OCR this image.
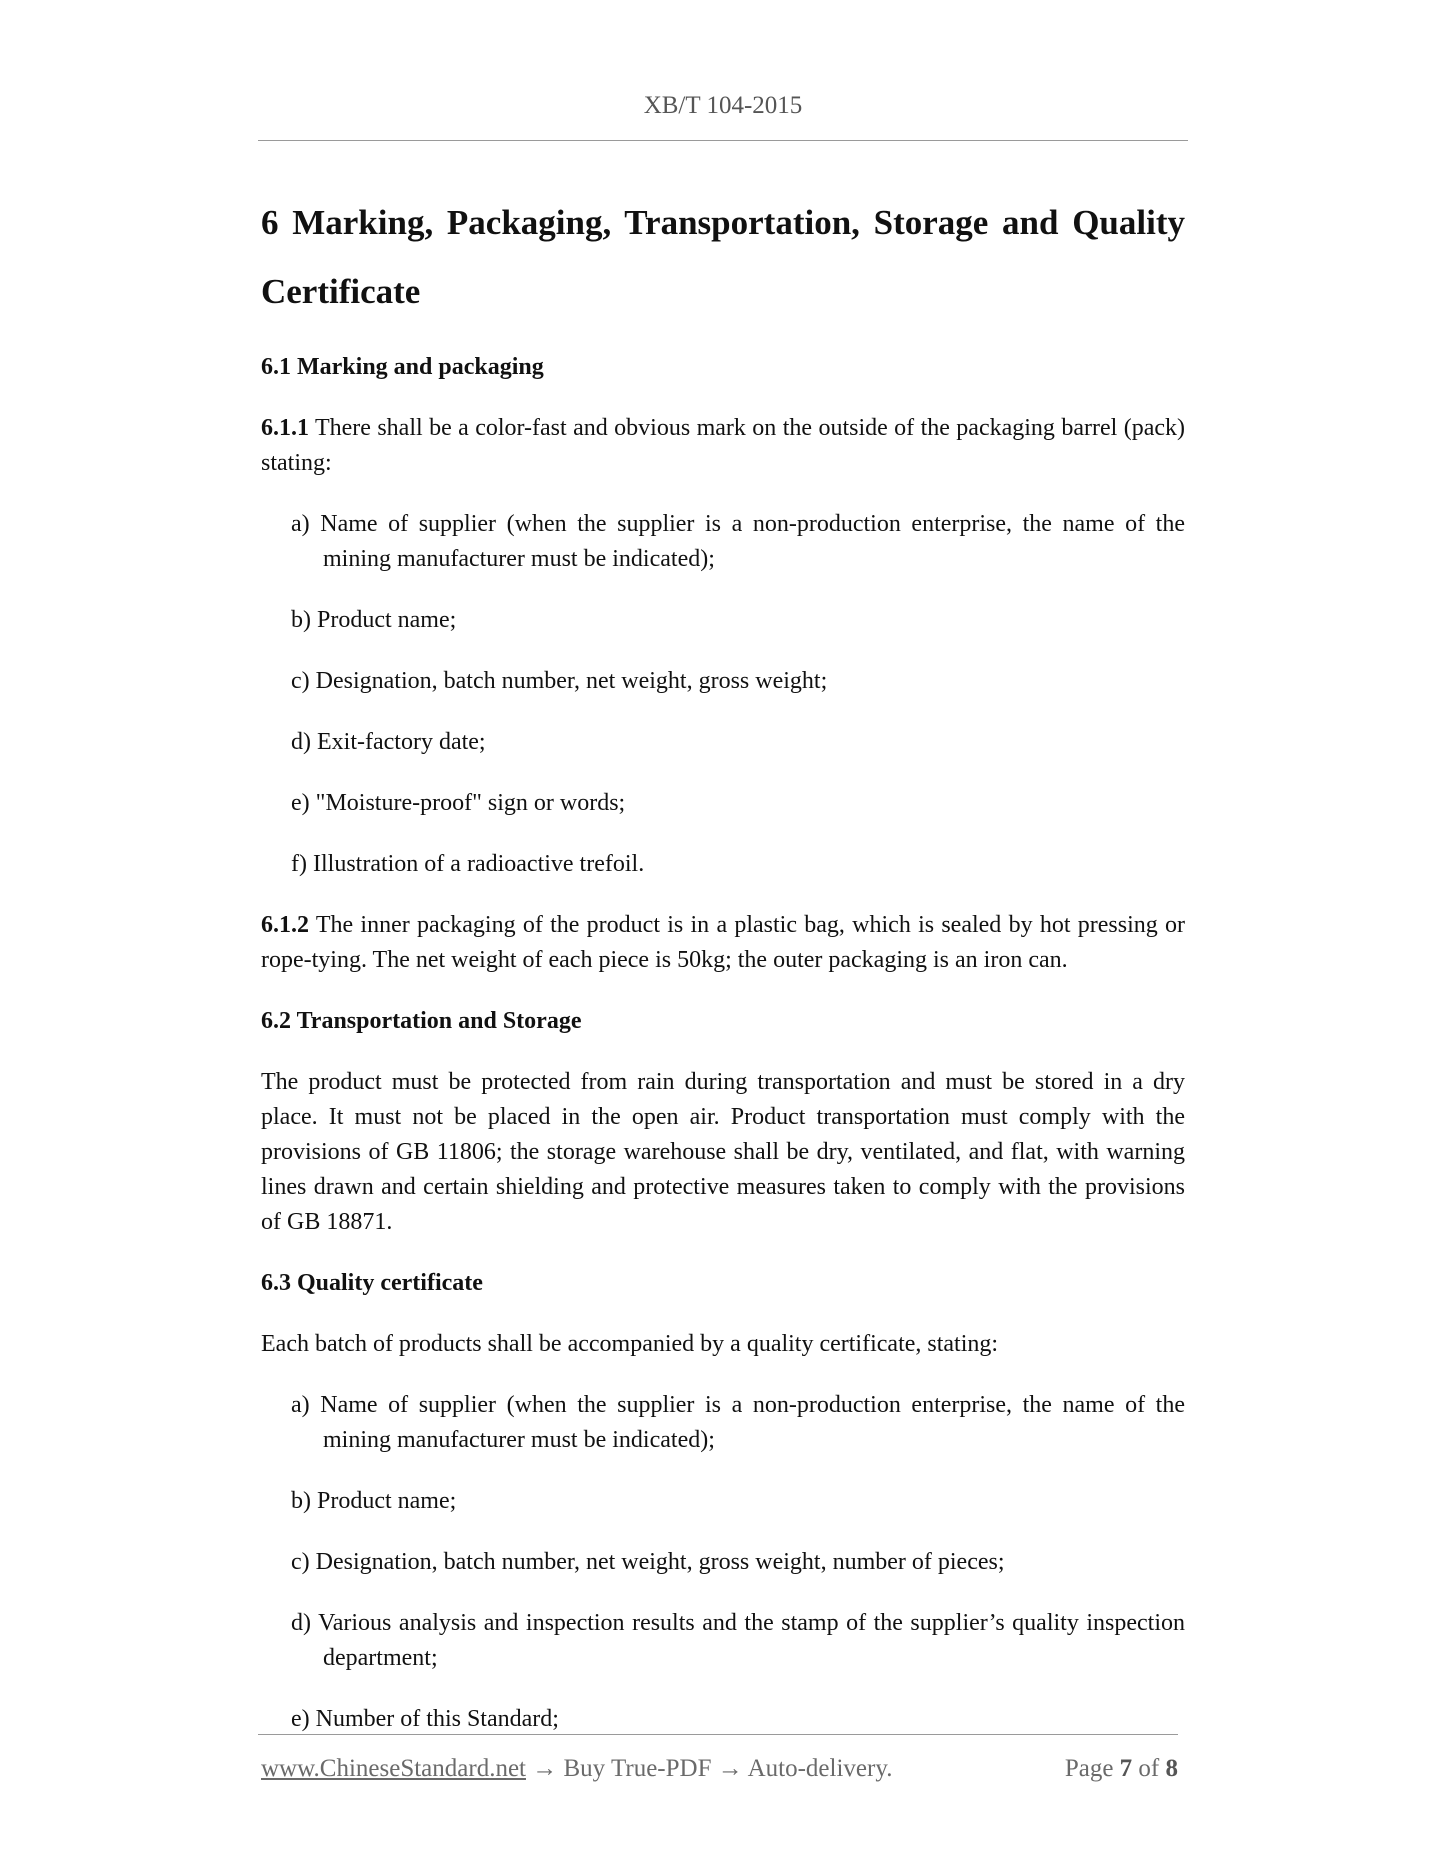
XB/T 104-2015
6 Marking, Packaging, Transportation, Storage and Quality
Certificate
6.1 Marking and packaging
6.1.1 There shall be a color-fast and obvious mark on the outside of the packaging barrel (pack) stating:
a) Name of supplier (when the supplier is a non-production enterprise, the name of the mining manufacturer must be indicated);
b) Product name;
c) Designation, batch number, net weight, gross weight;
d) Exit-factory date;
e) "Moisture-proof" sign or words;
f) Illustration of a radioactive trefoil.
6.1.2 The inner packaging of the product is in a plastic bag, which is sealed by hot pressing or rope-tying. The net weight of each piece is 50kg; the outer packaging is an iron can.
6.2 Transportation and Storage
The product must be protected from rain during transportation and must be stored in a dry place. It must not be placed in the open air. Product transportation must comply with the provisions of GB 11806; the storage warehouse shall be dry, ventilated, and flat, with warning lines drawn and certain shielding and protective measures taken to comply with the provisions of GB 18871.
6.3 Quality certificate
Each batch of products shall be accompanied by a quality certificate, stating:
a) Name of supplier (when the supplier is a non-production enterprise, the name of the mining manufacturer must be indicated);
b) Product name;
c) Designation, batch number, net weight, gross weight, number of pieces;
d) Various analysis and inspection results and the stamp of the supplier’s quality inspection department;
e) Number of this Standard;
www.ChineseStandard.net → Buy True-PDF → Auto-delivery.	Page 7 of 8
